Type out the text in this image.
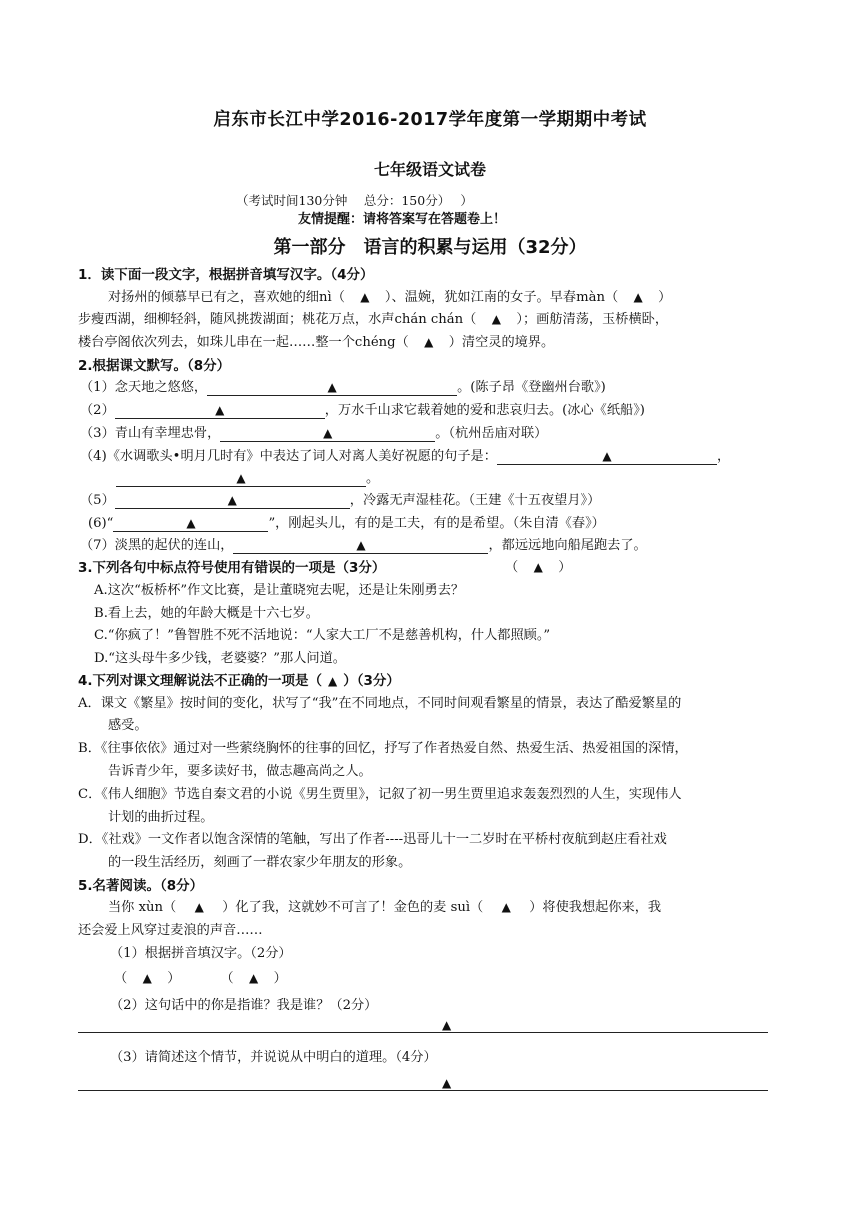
启东市长江中学2016-2017学年度第一学期期中考试
七年级语文试卷
（考试时间130分钟　 总分：150分）　 ）
友情提醒：请将答案写在答题卷上！
第一部分　语言的积累与运用（32分）
1．读下面一段文字，根据拼音填写汉字。（4分）
对扬州的倾慕早已有之，喜欢她的细nì（ ▲ ）、温婉，犹如江南的女子。早春màn（ ▲ ）
步瘦西湖，细柳轻斜，随风挑拨湖面；桃花万点，水声chán chán（ ▲ ）；画舫清荡，玉桥横卧，
楼台亭阁依次列去，如珠儿串在一起……整一个chéng（ ▲ ）清空灵的境界。
2.根据课文默写。（8分）
（1）念天地之悠悠，	▲	。(陈子昂《登幽州台歌》)
（2）	▲	，万水千山求它载着她的爱和悲哀归去。(冰心《纸船》)
（3）青山有幸埋忠骨，	▲	。（杭州岳庙对联）
（4)《水调歌头•明月几时有》中表达了词人对离人美好祝愿的句子是：	▲	，
▲	。
（5）	▲	，冷露无声湿桂花。（王建《十五夜望月》）
(6)“	▲	”，刚起头儿，有的是工夫，有的是希望。（朱自清《春》）
（7）淡黑的起伏的连山，	▲	，都远远地向船尾跑去了。
3.下列各句中标点符号使用有错误的一项是（3分）	（ ▲ ）
A.这次“板桥杯”作文比赛，是让董晓宛去呢，还是让朱刚勇去？
B.看上去，她的年龄大概是十六七岁。
C.“你疯了！”鲁智胜不死不活地说：“人家大工厂不是慈善机构，什人都照顾。”
D.“这头母牛多少钱，老婆婆？”那人问道。
4.下列对课文理解说法不正确的一项是（ ▲ ）（3分）
A．课文《繁星》按时间的变化，状写了“我”在不同地点，不同时间观看繁星的情景，表达了酷爱繁星的
感受。
B．《往事依依》通过对一些萦绕胸怀的往事的回忆，抒写了作者热爱自然、热爱生活、热爱祖国的深情，
告诉青少年，要多读好书，做志趣高尚之人。
C．《伟人细胞》节选自秦文君的小说《男生贾里》，记叙了初一男生贾里追求轰轰烈烈的人生，实现伟人
计划的曲折过程。
D．《社戏》一文作者以饱含深情的笔触，写出了作者----迅哥儿十一二岁时在平桥村夜航到赵庄看社戏
的一段生活经历，刻画了一群农家少年朋友的形象。
5.名著阅读。（8分）
当你 xùn（ ▲ ）化了我，这就妙不可言了！金色的麦 suì（ ▲ ）将使我想起你来，我
还会爱上风穿过麦浪的声音……
（1）根据拼音填汉字。（2分）
（ ▲ ）	（ ▲ ）
（2）这句话中的你是指谁？我是谁？（2分）
▲
（3）请简述这个情节，并说说从中明白的道理。（4分）
▲
